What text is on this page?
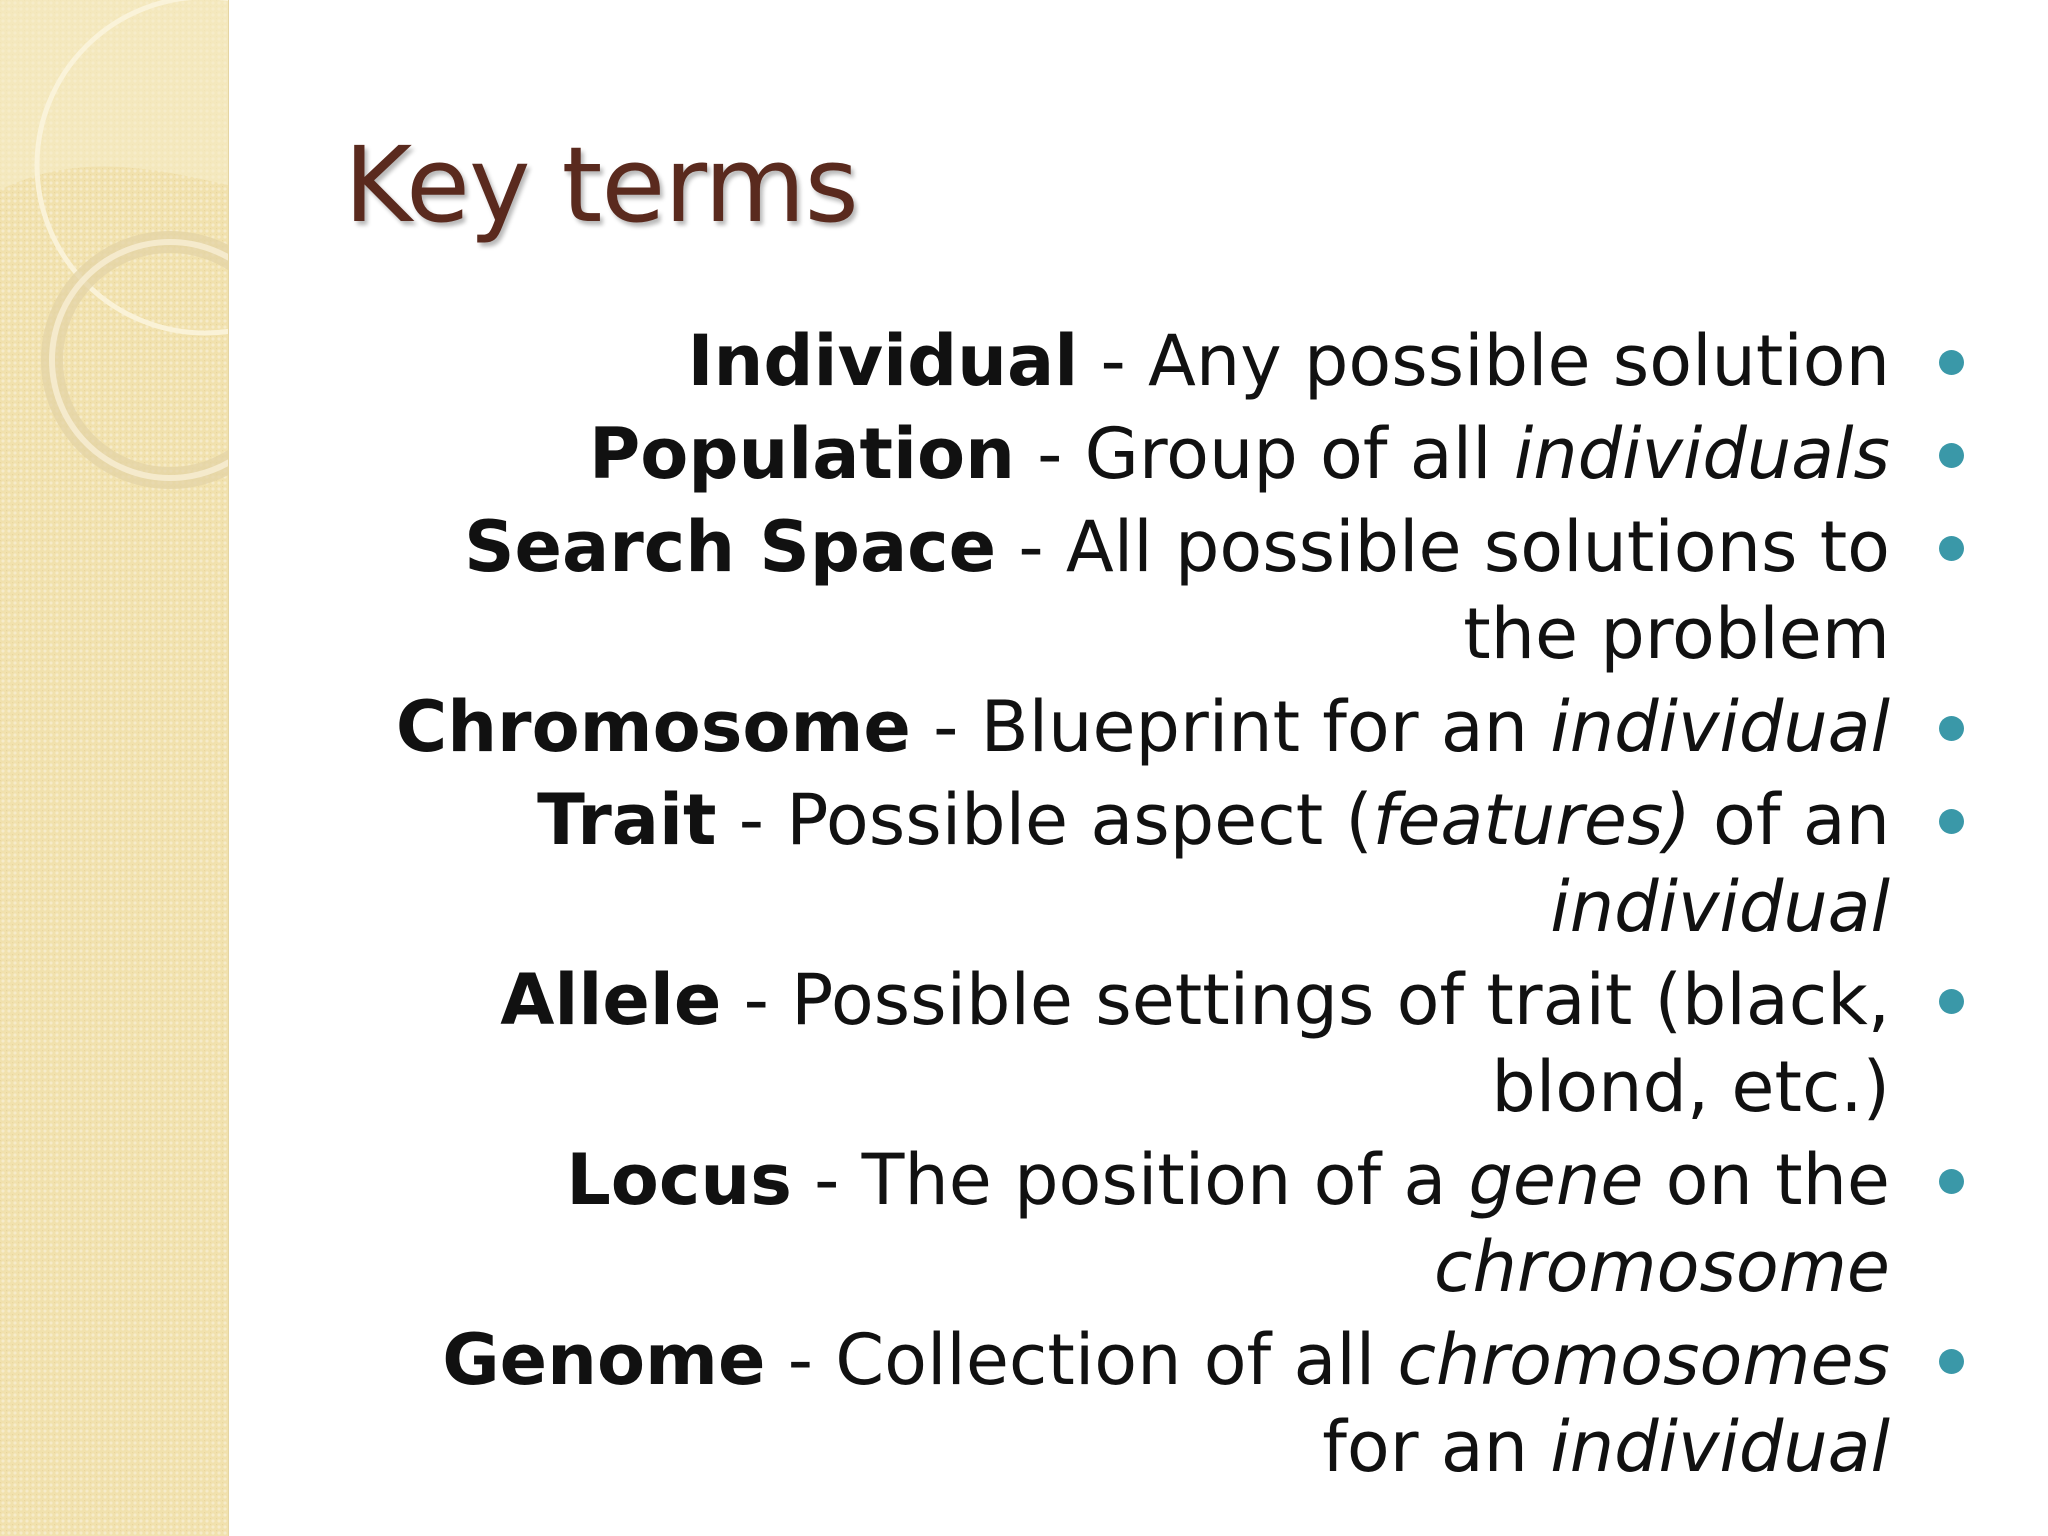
Key terms
Individual - Any possible solution
Population - Group of all individuals
Search Space - All possible solutions to the problem
Chromosome - Blueprint for an individual
Trait - Possible aspect (features) of an individual
Allele - Possible settings of trait (black, blond, etc.)
Locus - The position of a gene on the chromosome
Genome - Collection of all chromosomes for an individual
